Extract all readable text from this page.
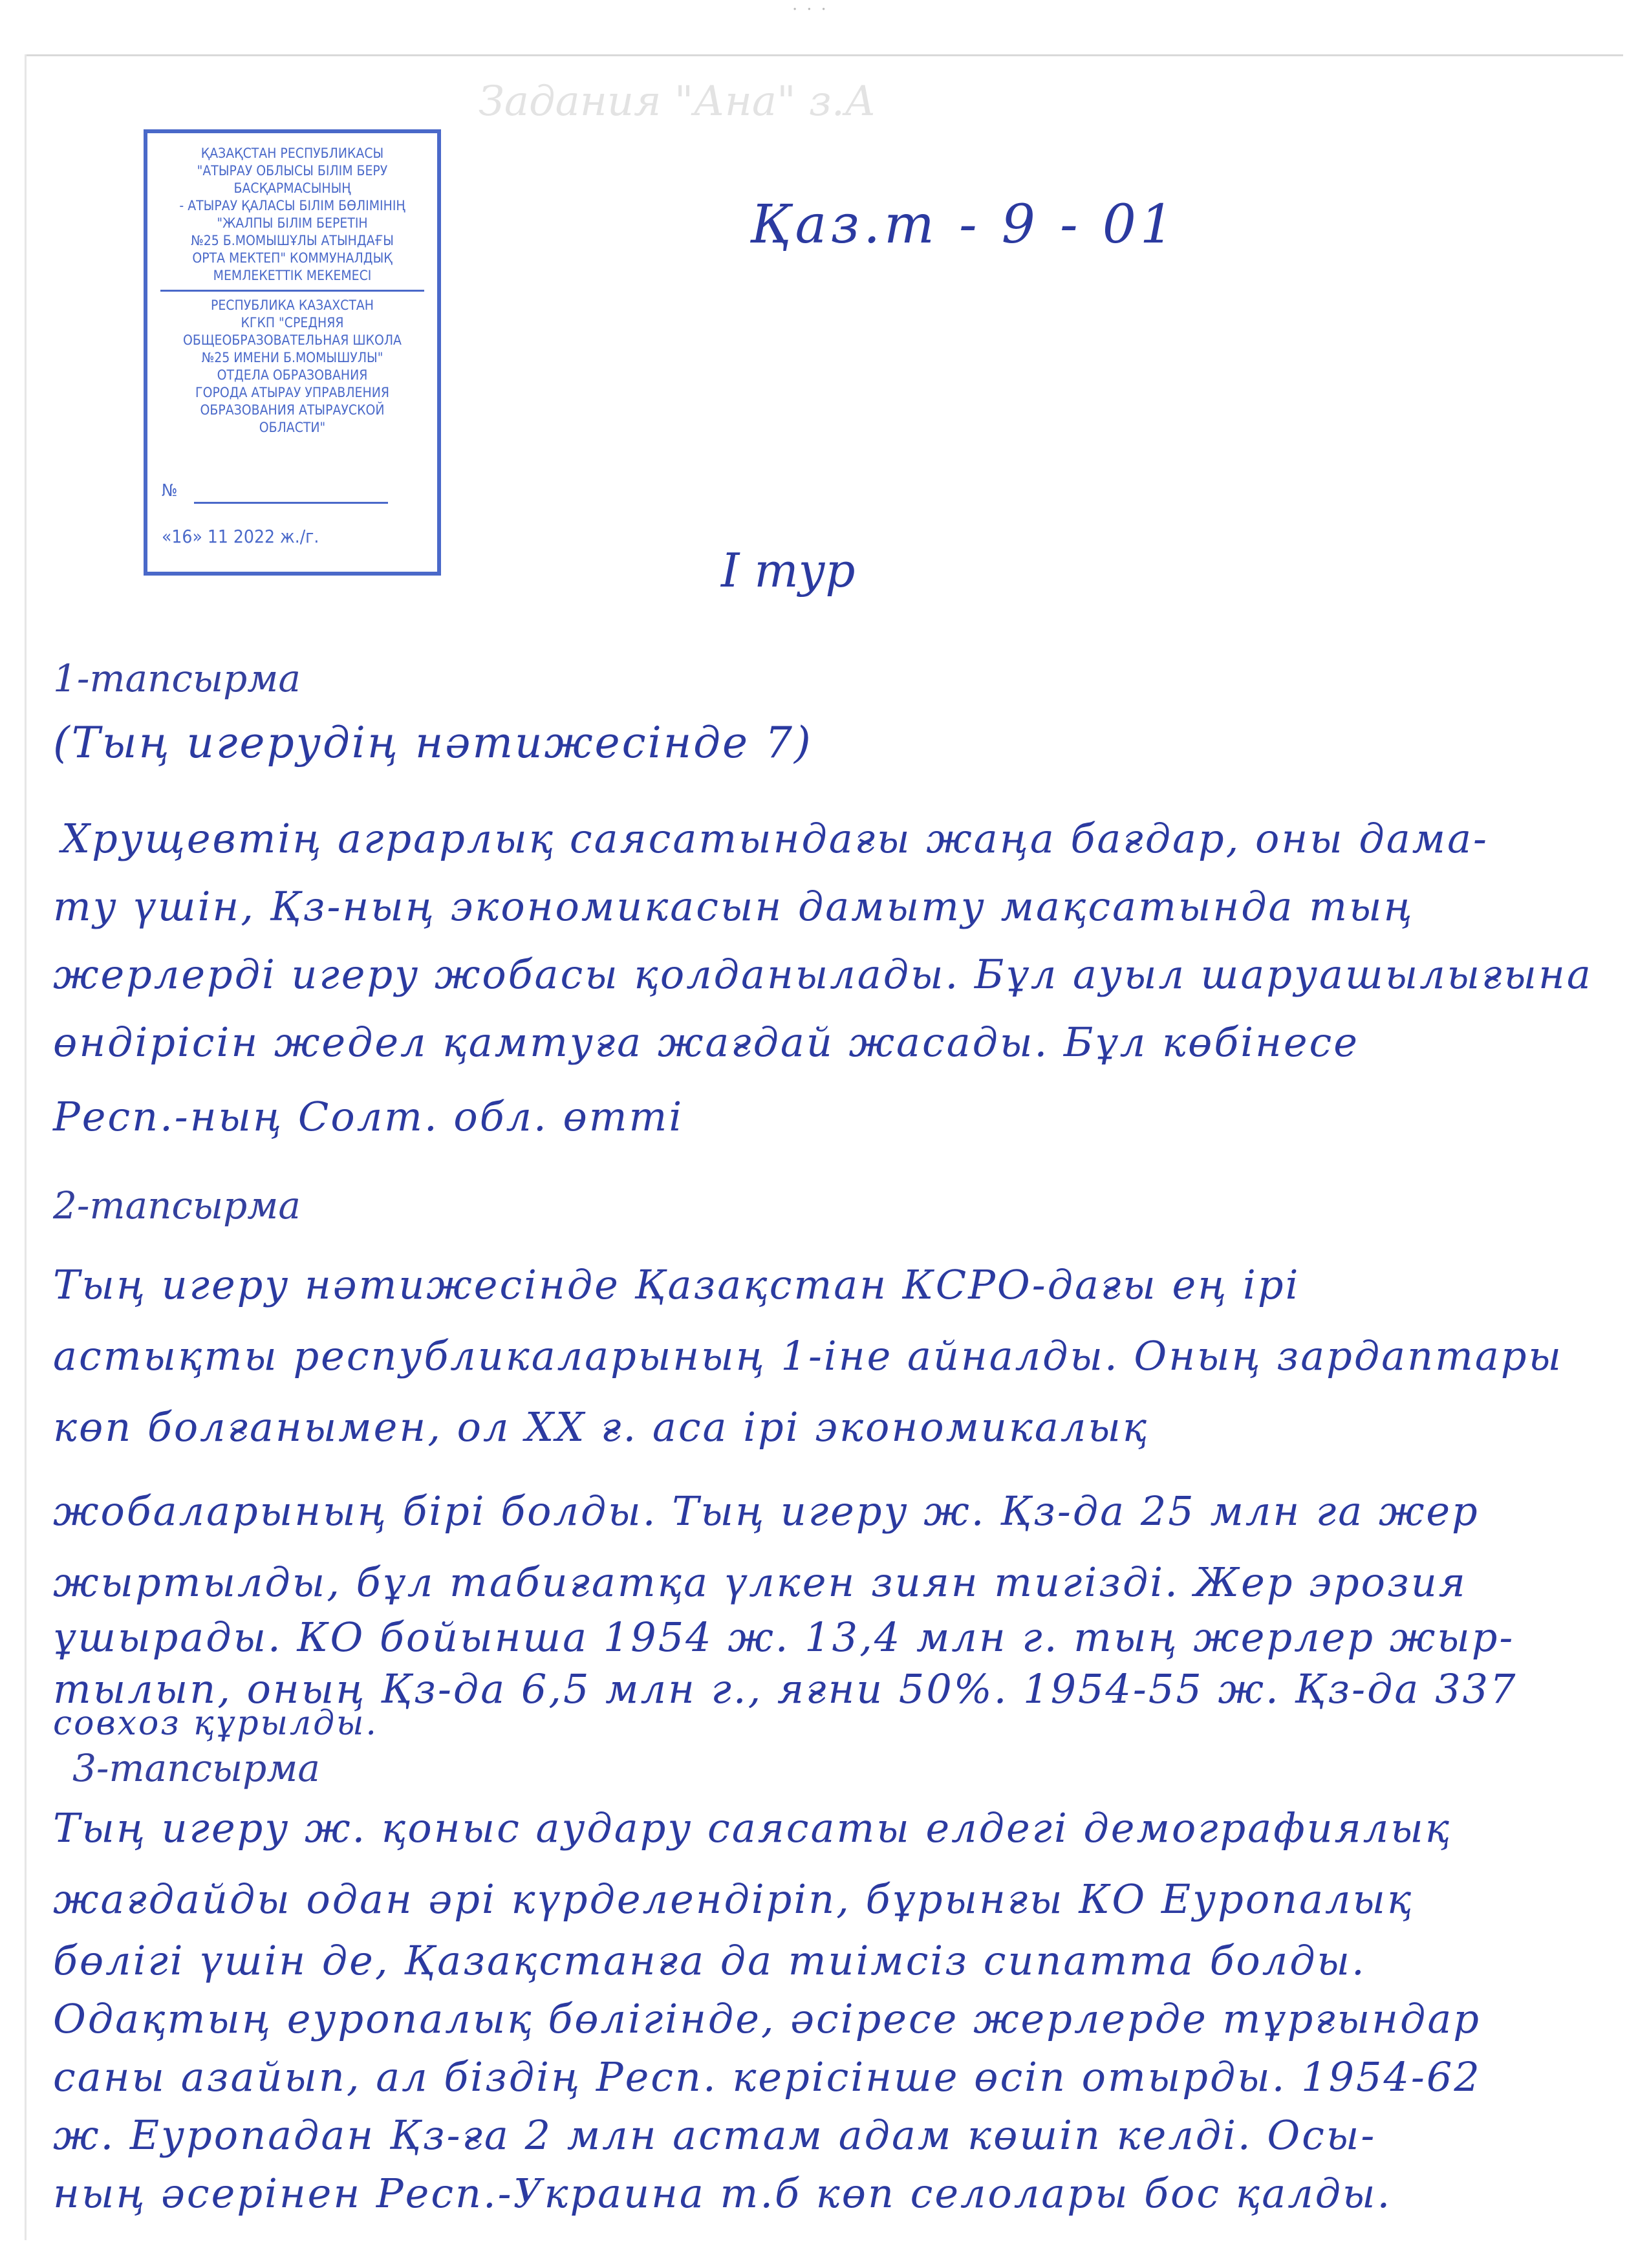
···
Задания "Ана" з.А
ҚАЗАҚСТАН РЕСПУБЛИКАСЫ
"АТЫРАУ ОБЛЫСЫ БІЛІМ БЕРУ
БАСҚАРМАСЫНЫҢ
- АТЫРАУ ҚАЛАСЫ БІЛІМ БӨЛІМІНІҢ
"ЖАЛПЫ БІЛІМ БЕРЕТІН
№25 Б.МОМЫШҰЛЫ АТЫНДАҒЫ
ОРТА МЕКТЕП" КОММУНАЛДЫҚ
МЕМЛЕКЕТТІК МЕКЕМЕСІ
РЕСПУБЛИКА КАЗАХСТАН
КГКП "СРЕДНЯЯ
ОБЩЕОБРАЗОВАТЕЛЬНАЯ ШКОЛА
№25 ИМЕНИ Б.МОМЫШУЛЫ"
ОТДЕЛА ОБРАЗОВАНИЯ
ГОРОДА АТЫРАУ УПРАВЛЕНИЯ
ОБРАЗОВАНИЯ АТЫРАУСКОЙ
ОБЛАСТИ"
№
«16» 11 2022 ж./г.
Қаз.т - 9 - 01
I тур
1-тапсырма
(Тың игерудің нәтижесінде 7)
Хрущевтің аграрлық саясатындағы жаңа бағдар, оны дама-
ту үшін, Қз-ның экономикасын дамыту мақсатында тың
жерлерді игеру жобасы қолданылады. Бұл ауыл шаруашылығына
өндірісін жедел қамтуға жағдай жасады. Бұл көбінесе
Респ.-ның Солт. обл. өтті
2-тапсырма
Тың игеру нәтижесінде Қазақстан КСРО-дағы ең ірі
астықты республикаларының 1-іне айналды. Оның зардаптары
көп болғанымен, ол ХХ ғ. аса ірі экономикалық
жобаларының бірі болды. Тың игеру ж. Қз-да 25 млн га жер
жыртылды, бұл табиғатқа үлкен зиян тигізді. Жер эрозия
ұшырады. КО бойынша 1954 ж. 13,4 млн г. тың жерлер жыр-
тылып, оның Қз-да 6,5 млн г., яғни 50%. 1954-55 ж. Қз-да 337
совхоз құрылды.
3-тапсырма
Тың игеру ж. қоныс аудару саясаты елдегі демографиялық
жағдайды одан әрі күрделендіріп, бұрынғы КО Еуропалық
бөлігі үшін де, Қазақстанға да тиімсіз сипатта болды.
Одақтың еуропалық бөлігінде, әсіресе жерлерде тұрғындар
саны азайып, ал біздің Респ. керісінше өсіп отырды. 1954-62
ж. Еуропадан Қз-ға 2 млн астам адам көшіп келді. Осы-
ның әсерінен Респ.-Украина т.б көп селолары бос қалды.
